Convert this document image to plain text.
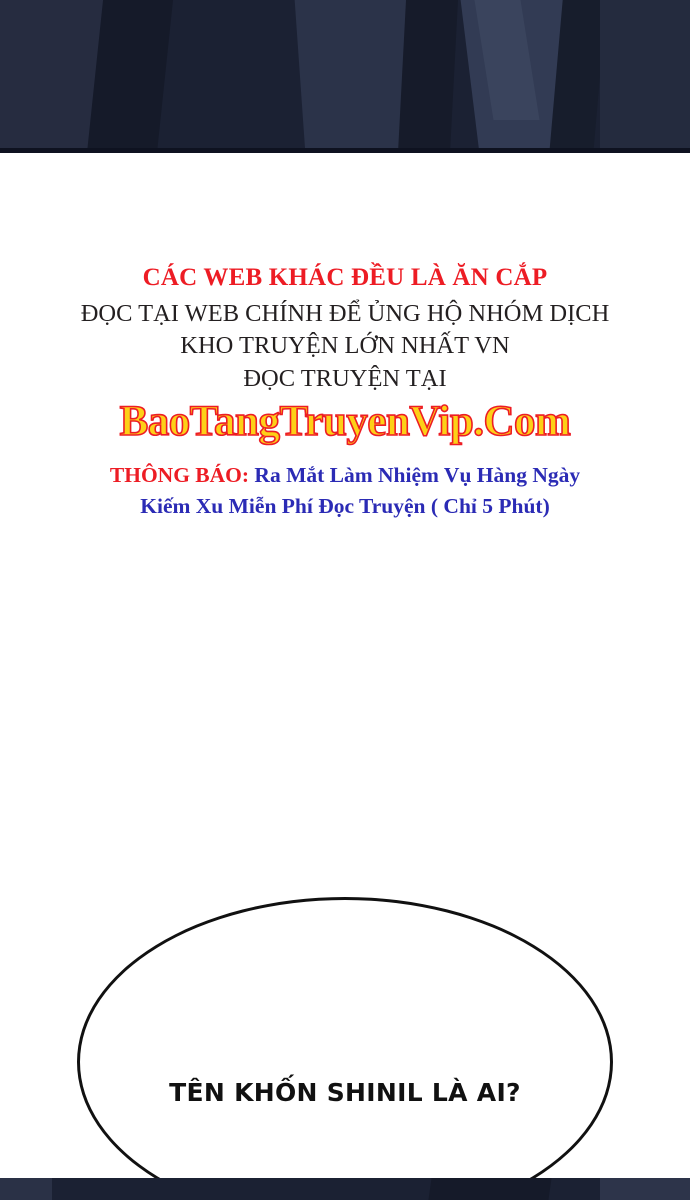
CÁC WEB KHÁC ĐỀU LÀ ĂN CẮP
ĐỌC TẠI WEB CHÍNH ĐỂ ỦNG HỘ NHÓM DỊCH
KHO TRUYỆN LỚN NHẤT VN
ĐỌC TRUYỆN TẠI
BaoTangTruyenVip.Com
THÔNG BÁO: Ra Mắt Làm Nhiệm Vụ Hàng Ngày
Kiếm Xu Miễn Phí Đọc Truyện ( Chỉ 5 Phút)
TÊN KHỐN SHINIL LÀ AI?
